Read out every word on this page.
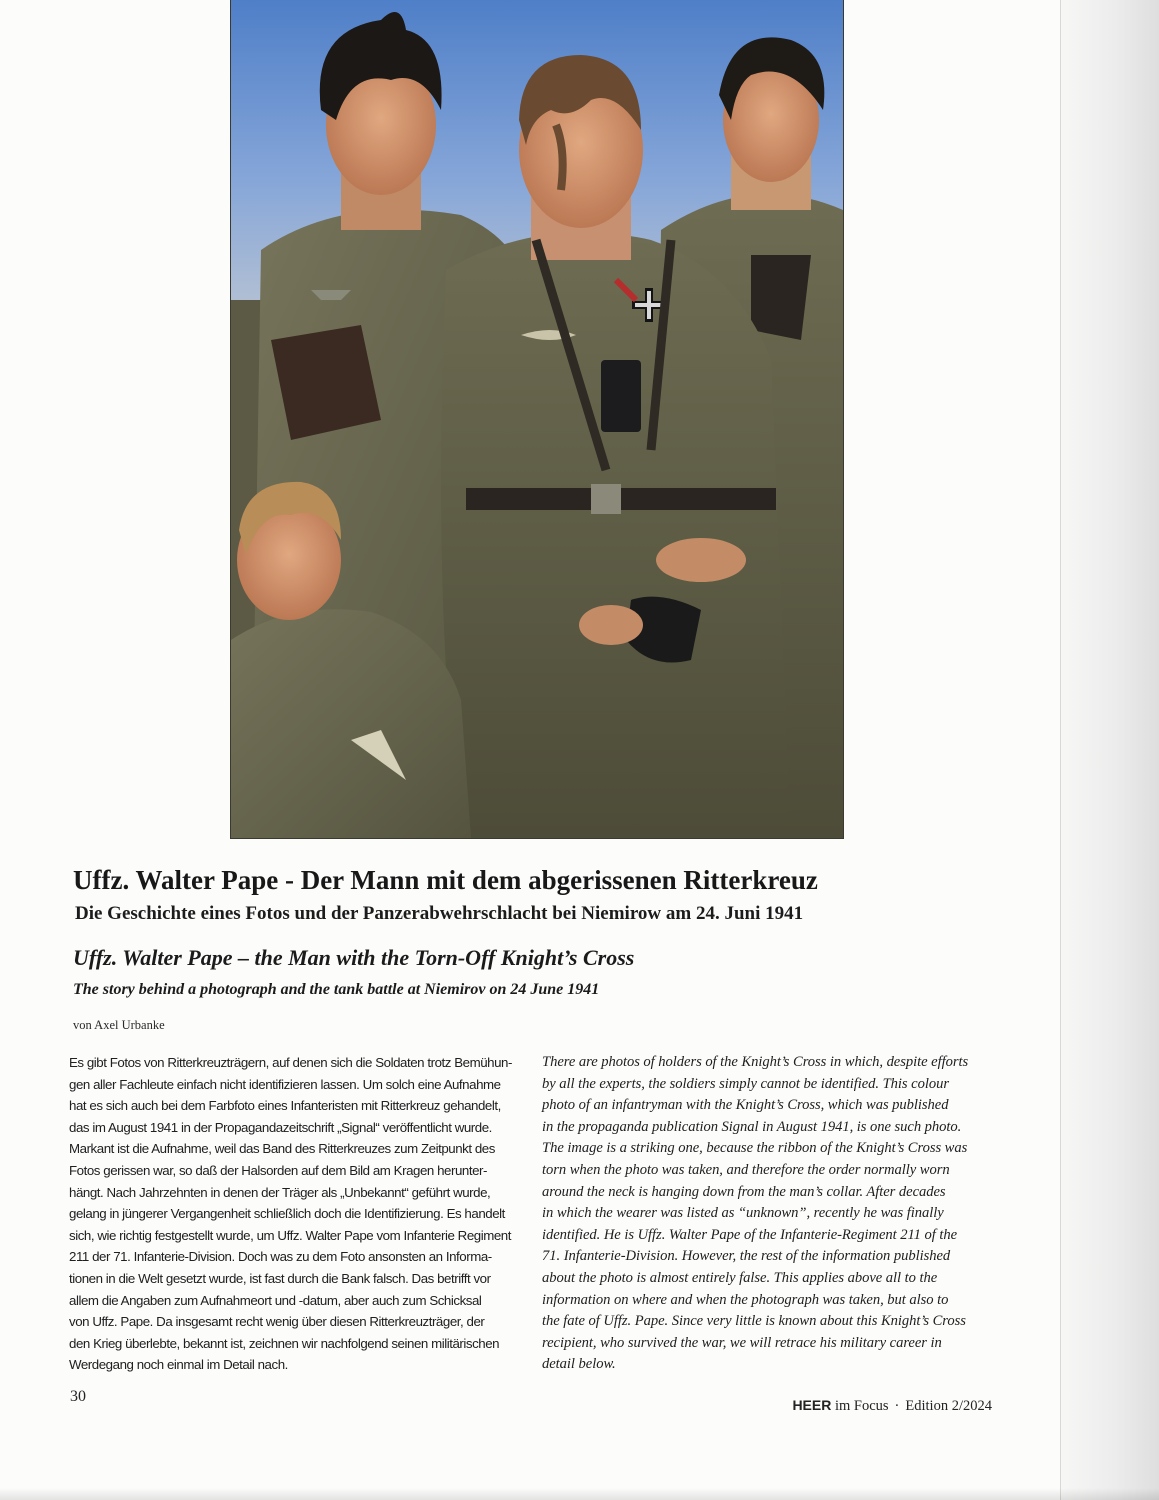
Uffz. Walter Pape - Der Mann mit dem abgerissenen Ritterkreuz
Die Geschichte eines Fotos und der Panzerabwehrschlacht bei Niemirow am 24. Juni 1941
Uffz. Walter Pape – the Man with the Torn-Off Knight’s Cross
The story behind a photograph and the tank battle at Niemirov on 24 June 1941

von Axel Urbanke

Es gibt Fotos von Ritterkreuzträgern, auf denen sich die Soldaten trotz Bemühun-
gen aller Fachleute einfach nicht identifizieren lassen. Um solch eine Aufnahme
hat es sich auch bei dem Farbfoto eines Infanteristen mit Ritterkreuz gehandelt,
das im August 1941 in der Propagandazeitschrift „Signal“ veröffentlicht wurde.
Markant ist die Aufnahme, weil das Band des Ritterkreuzes zum Zeitpunkt des
Fotos gerissen war, so daß der Halsorden auf dem Bild am Kragen herunter-
hängt. Nach Jahrzehnten in denen der Träger als „Unbekannt“ geführt wurde,
gelang in jüngerer Vergangenheit schließlich doch die Identifizierung. Es handelt
sich, wie richtig festgestellt wurde, um Uffz. Walter Pape vom Infanterie Regiment
211 der 71. Infanterie-Division. Doch was zu dem Foto ansonsten an Informa-
tionen in die Welt gesetzt wurde, ist fast durch die Bank falsch. Das betrifft vor
allem die Angaben zum Aufnahmeort und -datum, aber auch zum Schicksal
von Uffz. Pape. Da insgesamt recht wenig über diesen Ritterkreuzträger, der
den Krieg überlebte, bekannt ist, zeichnen wir nachfolgend seinen militärischen
Werdegang noch einmal im Detail nach.
There are photos of holders of the Knight’s Cross in which, despite efforts
by all the experts, the soldiers simply cannot be identified. This colour
photo of an infantryman with the Knight’s Cross, which was published
in the propaganda publication Signal in August 1941, is one such photo.
The image is a striking one, because the ribbon of the Knight’s Cross was
torn when the photo was taken, and therefore the order normally worn
around the neck is hanging down from the man’s collar. After decades
in which the wearer was listed as “unknown”, recently he was finally
identified. He is Uffz. Walter Pape of the Infanterie-Regiment 211 of the
71. Infanterie-Division. However, the rest of the information published
about the photo is almost entirely false. This applies above all to the
information on where and when the photograph was taken, but also to
the fate of Uffz. Pape. Since very little is known about this Knight’s Cross
recipient, who survived the war, we will retrace his military career in
detail below.

30	HEER im Focus · Edition 2/2024
